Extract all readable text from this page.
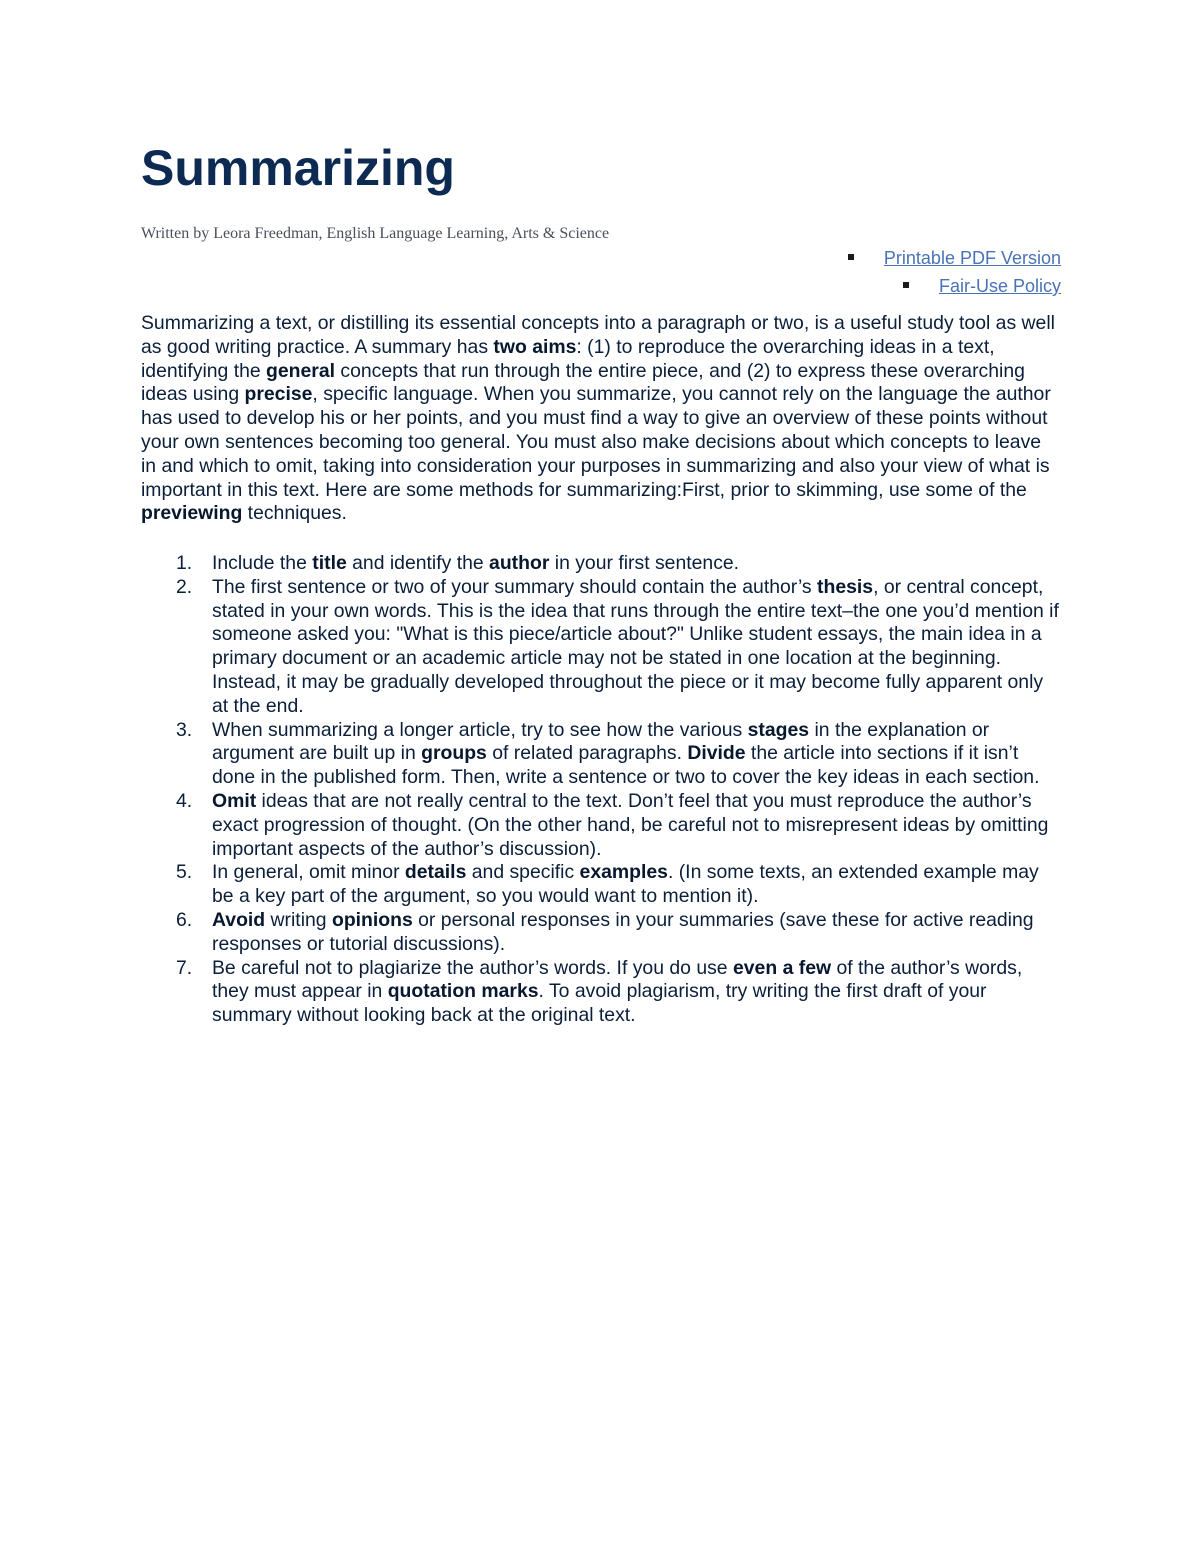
Summarizing
Written by Leora Freedman, English Language Learning, Arts & Science
Printable PDF Version
Fair-Use Policy

Summarizing a text, or distilling its essential concepts into a paragraph or two, is a useful study tool as well as good writing practice. A summary has two aims: (1) to reproduce the overarching ideas in a text, identifying the general concepts that run through the entire piece, and (2) to express these overarching ideas using precise, specific language. When you summarize, you cannot rely on the language the author has used to develop his or her points, and you must find a way to give an overview of these points without your own sentences becoming too general. You must also make decisions about which concepts to leave in and which to omit, taking into consideration your purposes in summarizing and also your view of what is important in this text. Here are some methods for summarizing:First, prior to skimming, use some of the previewing techniques.

1. Include the title and identify the author in your first sentence.
2. The first sentence or two of your summary should contain the author’s thesis, or central concept, stated in your own words. This is the idea that runs through the entire text–the one you’d mention if someone asked you: "What is this piece/article about?" Unlike student essays, the main idea in a primary document or an academic article may not be stated in one location at the beginning. Instead, it may be gradually developed throughout the piece or it may become fully apparent only at the end.
3. When summarizing a longer article, try to see how the various stages in the explanation or argument are built up in groups of related paragraphs. Divide the article into sections if it isn’t done in the published form. Then, write a sentence or two to cover the key ideas in each section.
4. Omit ideas that are not really central to the text. Don’t feel that you must reproduce the author’s exact progression of thought. (On the other hand, be careful not to misrepresent ideas by omitting important aspects of the author’s discussion).
5. In general, omit minor details and specific examples. (In some texts, an extended example may be a key part of the argument, so you would want to mention it).
6. Avoid writing opinions or personal responses in your summaries (save these for active reading responses or tutorial discussions).
7. Be careful not to plagiarize the author’s words. If you do use even a few of the author’s words, they must appear in quotation marks. To avoid plagiarism, try writing the first draft of your summary without looking back at the original text.
